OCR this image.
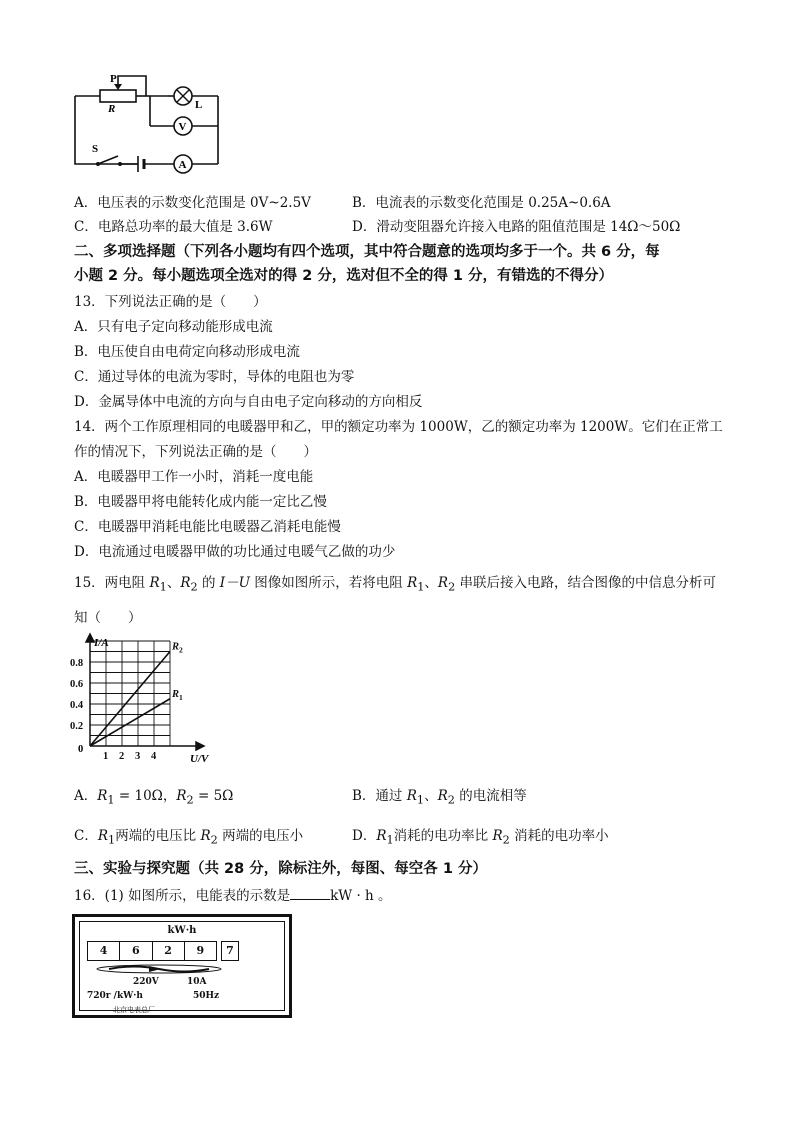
P
R	L
V
S
A
A．电压表的示数变化范围是 0V~2.5V	B．电流表的示数变化范围是 0.25A~0.6A
C．电路总功率的最大值是 3.6W	D．滑动变阻器允许接入电路的阻值范围是 14Ω～50Ω
二、多项选择题（下列各小题均有四个选项，其中符合题意的选项均多于一个。共 6 分，每
小题 2 分。每小题选项全选对的得 2 分，选对但不全的得 1 分，有错选的不得分）
13．下列说法正确的是（　　）
A．只有电子定向移动能形成电流
B．电压使自由电荷定向移动形成电流
C．通过导体的电流为零时，导体的电阻也为零
D．金属导体中电流的方向与自由电子定向移动的方向相反
14．两个工作原理相同的电暖器甲和乙，甲的额定功率为 1000W，乙的额定功率为 1200W。它们在正常工
作的情况下，下列说法正确的是（　　）
A．电暖器甲工作一小时，消耗一度电能
B．电暖器甲将电能转化成内能一定比乙慢
C．电暖器甲消耗电能比电暖器乙消耗电能慢
D．电流通过电暖器甲做的功比通过电暖气乙做的功少
15．两电阻 $R_1$、$R_2$ 的 I－U 图像如图所示，若将电阻 $R_1$、$R_2$ 串联后接入电路，结合图像的中信息分析可
知（　　）
1 2 3 4
0.8
0.6
0.4
0.2
I/A
U/V
0
$R_2$
$R_1$
A．$R_1 = 10\Omega$，$R_2 = 5\Omega$	B．通过 $R_1$、$R_2$ 的电流相等
C．$R_1$两端的电压比 $R_2$ 两端的电压小	D．$R_1$消耗的电功率比 $R_2$ 消耗的电功率小
三、实验与探究题（共 28 分，除标注外，每图、每空各 1 分）
16．(1) 如图所示，电能表的示数是	kW · h 。
kW·h
4	6	2	9	7
220V	10A
720r /kW·h	50Hz
北京电表总厂
